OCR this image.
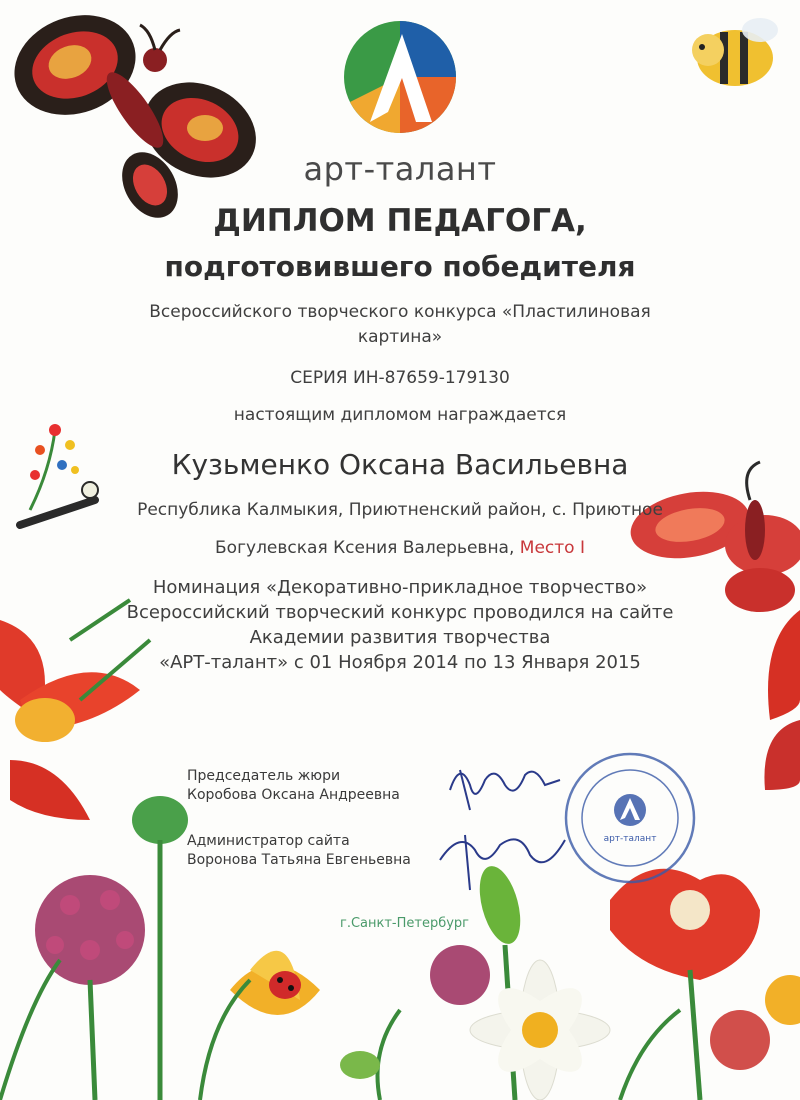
арт-талант
ДИПЛОМ ПЕДАГОГА,
подготовившего победителя
Всероссийского творческого конкурса «Пластилиновая
картина»
СЕРИЯ ИН-87659-179130
настоящим дипломом награждается
Кузьменко Оксана Васильевна
Республика Калмыкия, Приютненский район, с. Приютное
Богулевская Ксения Валерьевна, Место I
Номинация «Декоративно-прикладное творчество»
Всероссийский творческий конкурс проводился на сайте
Академии развития творчества
«АРТ-талант» с 01 Ноября 2014 по 13 Января 2015
Председатель жюри
Коробова Оксана Андреевна
Администратор сайта
Воронова Татьяна Евгеньевна
арт-талант
г.Санкт-Петербург
